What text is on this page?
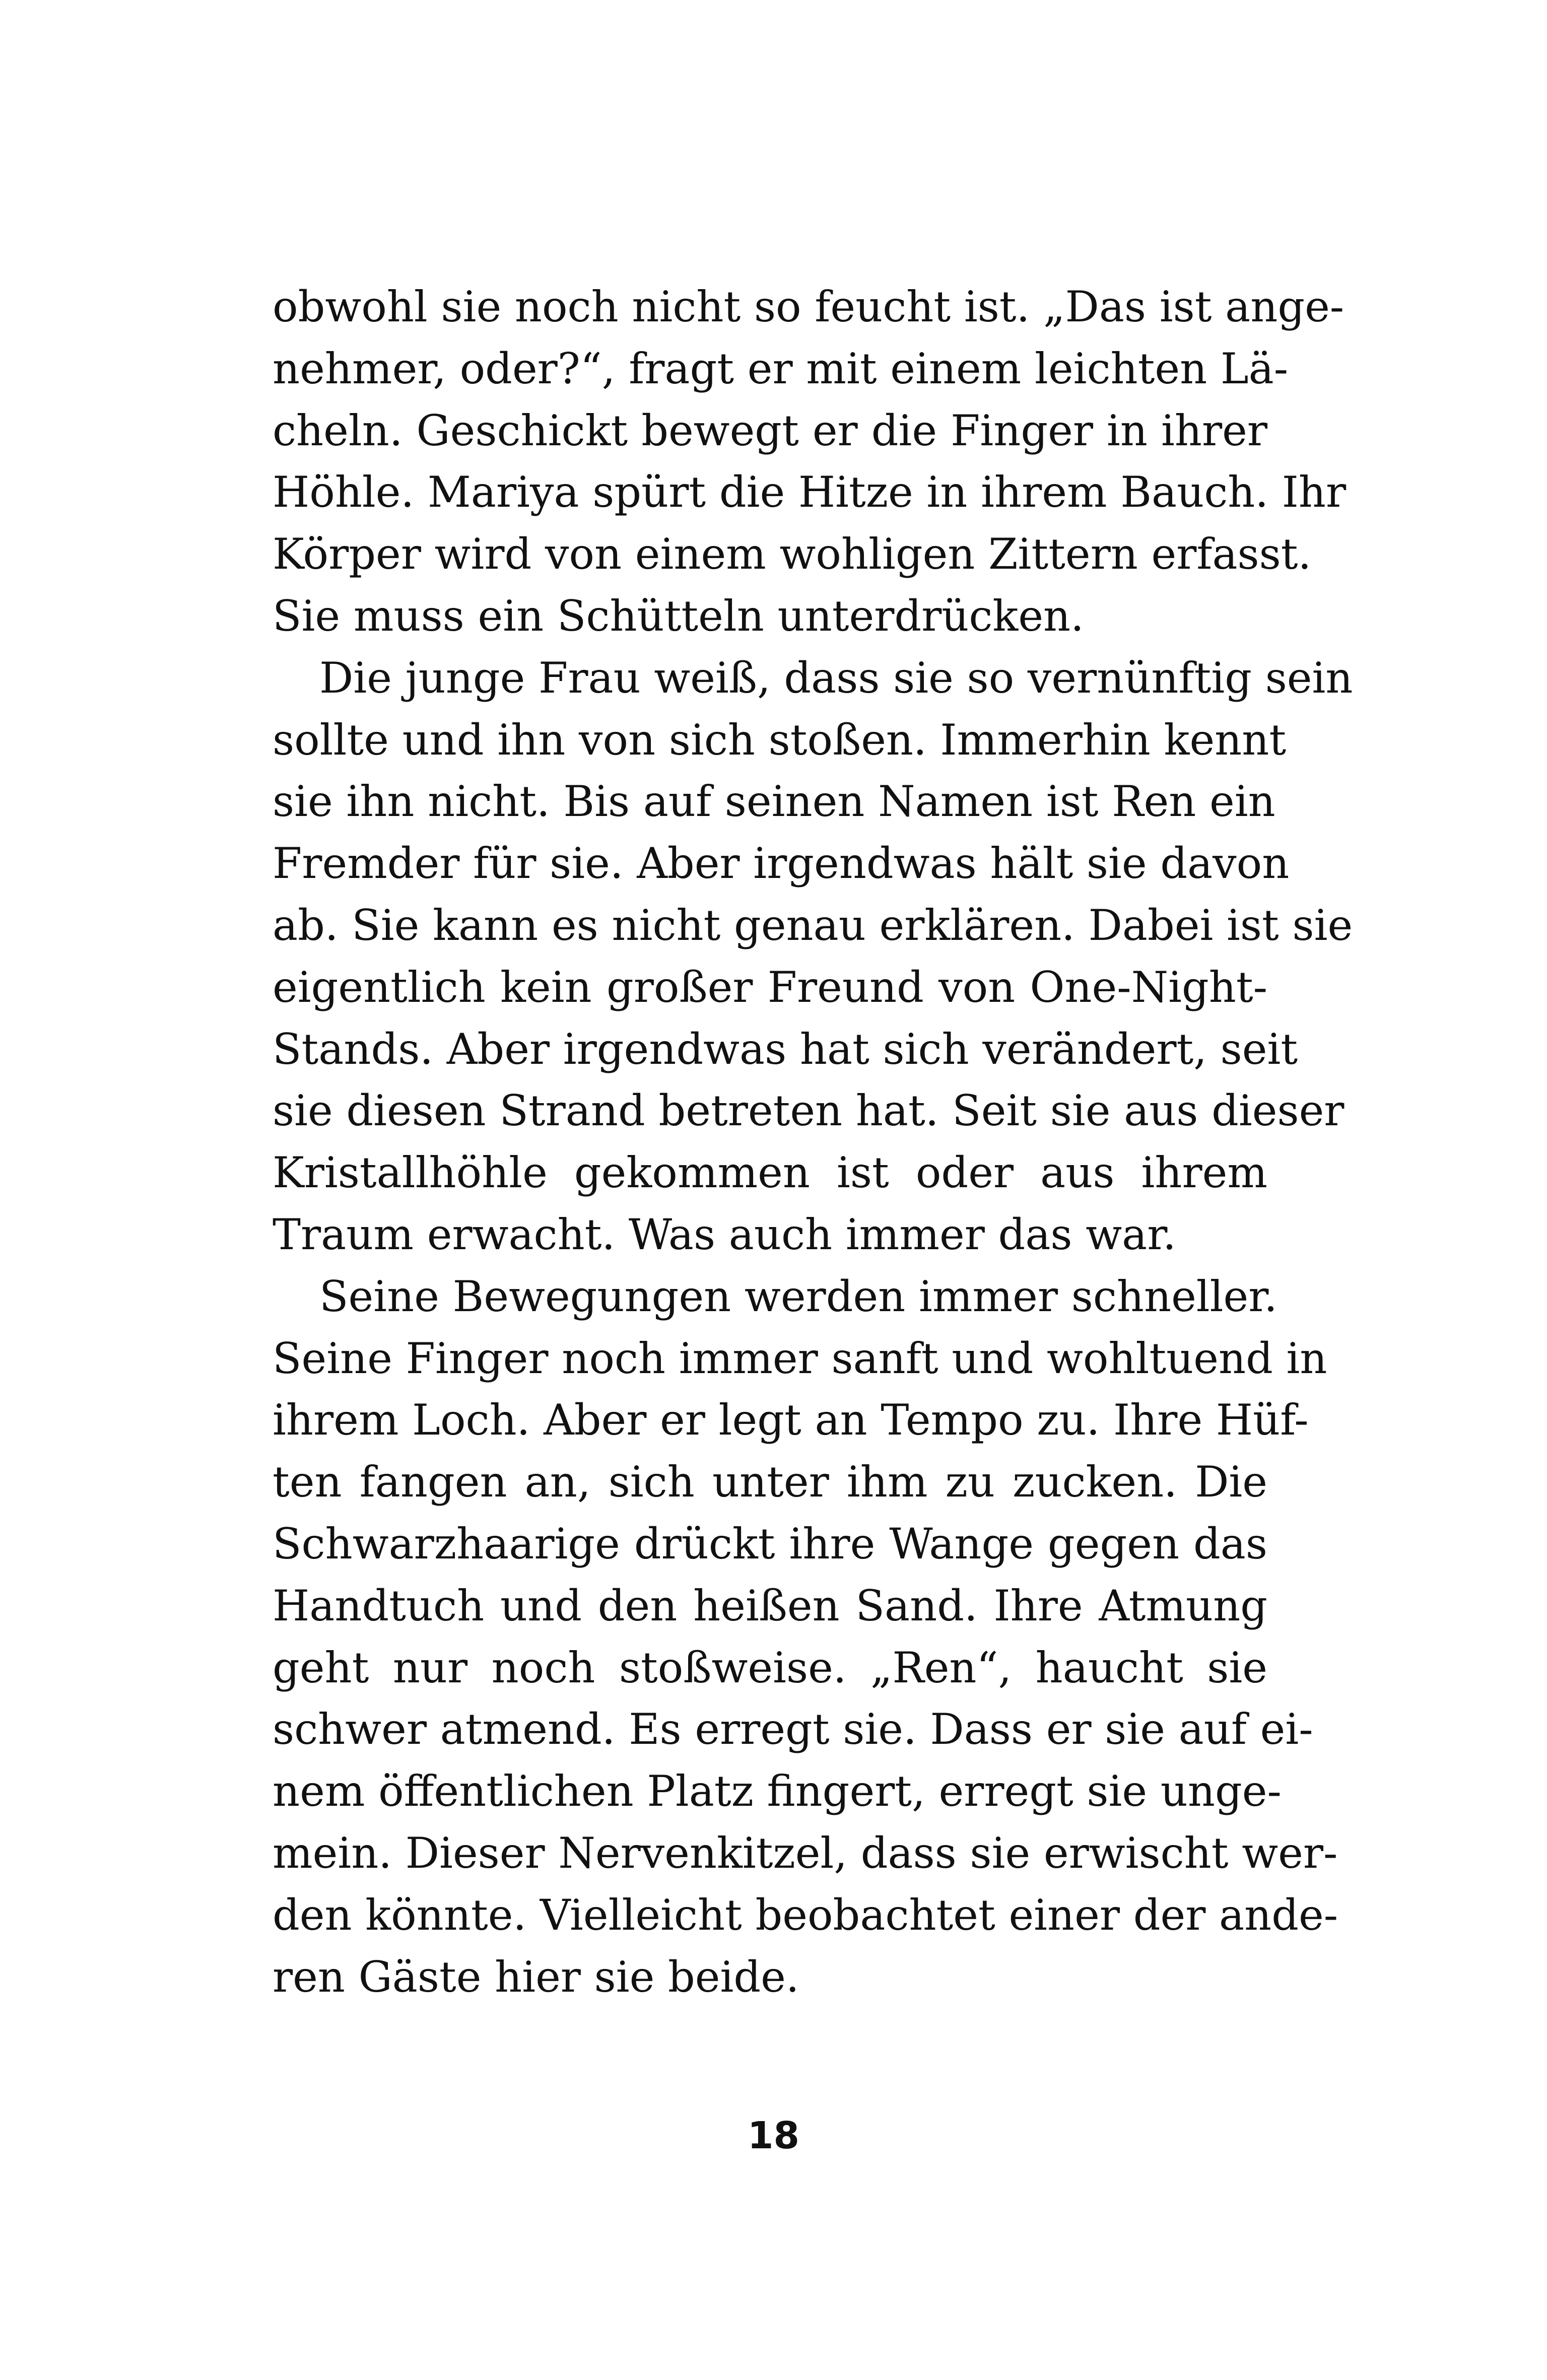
obwohl sie noch nicht so feucht ist. „Das ist ange-
nehmer, oder?“, fragt er mit einem leichten Lä-
cheln. Geschickt bewegt er die Finger in ihrer
Höhle. Mariya spürt die Hitze in ihrem Bauch. Ihr
Körper wird von einem wohligen Zittern erfasst.
Sie muss ein Schütteln unterdrücken.
Die junge Frau weiß, dass sie so vernünftig sein
sollte und ihn von sich stoßen. Immerhin kennt
sie ihn nicht. Bis auf seinen Namen ist Ren ein
Fremder für sie. Aber irgendwas hält sie davon
ab. Sie kann es nicht genau erklären. Dabei ist sie
eigentlich kein großer Freund von One-Night-
Stands. Aber irgendwas hat sich verändert, seit
sie diesen Strand betreten hat. Seit sie aus dieser
Kristallhöhle gekommen ist oder aus ihrem
Traum erwacht. Was auch immer das war.
Seine Bewegungen werden immer schneller.
Seine Finger noch immer sanft und wohltuend in
ihrem Loch. Aber er legt an Tempo zu. Ihre Hüf-
ten fangen an, sich unter ihm zu zucken. Die
Schwarzhaarige drückt ihre Wange gegen das
Handtuch und den heißen Sand. Ihre Atmung
geht nur noch stoßweise. „Ren“, haucht sie
schwer atmend. Es erregt sie. Dass er sie auf ei-
nem öffentlichen Platz fingert, erregt sie unge-
mein. Dieser Nervenkitzel, dass sie erwischt wer-
den könnte. Vielleicht beobachtet einer der ande-
ren Gäste hier sie beide.
18
